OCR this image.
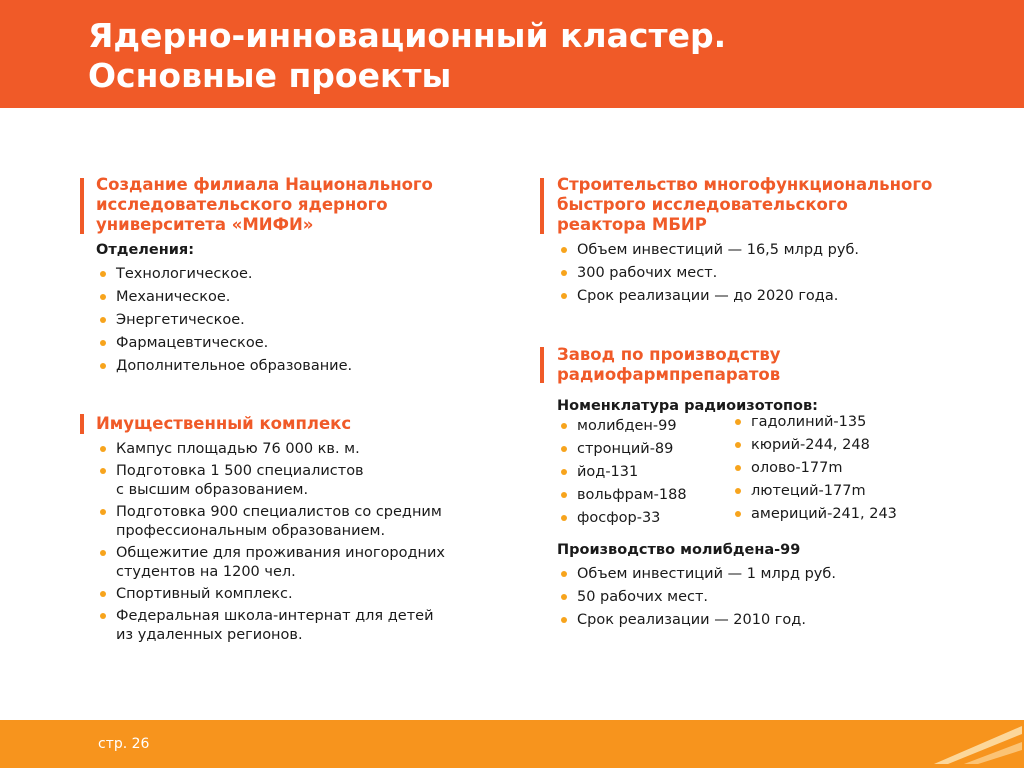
Ядерно-инновационный кластер.
Основные проекты
Создание филиала Национального
исследовательского ядерного
университета «МИФИ»
Отделения:
Технологическое.
Механическое.
Энергетическое.
Фармацевтическое.
Дополнительное образование.
Имущественный комплекс
Кампус площадью 76 000 кв. м.
Подготовка 1 500 специалистов
с высшим образованием.
Подготовка 900 специалистов со средним
профессиональным образованием.
Общежитие для проживания иногородних
студентов на 1200 чел.
Спортивный комплекс.
Федеральная школа-интернат для детей
из удаленных регионов.
Строительство многофункционального
быстрого исследовательского
реактора МБИР
Объем инвестиций — 16,5 млрд руб.
300 рабочих мест.
Срок реализации — до 2020 года.
Завод по производству
радиофармпрепаратов
Номенклатура радиоизотопов:
молибден-99
стронций-89
йод-131
вольфрам-188
фосфор-33
гадолиний-135
кюрий-244, 248
олово-177m
лютеций-177m
америций-241, 243
Производство молибдена-99
Объем инвестиций — 1 млрд руб.
50 рабочих мест.
Срок реализации — 2010 год.
стр. 26
